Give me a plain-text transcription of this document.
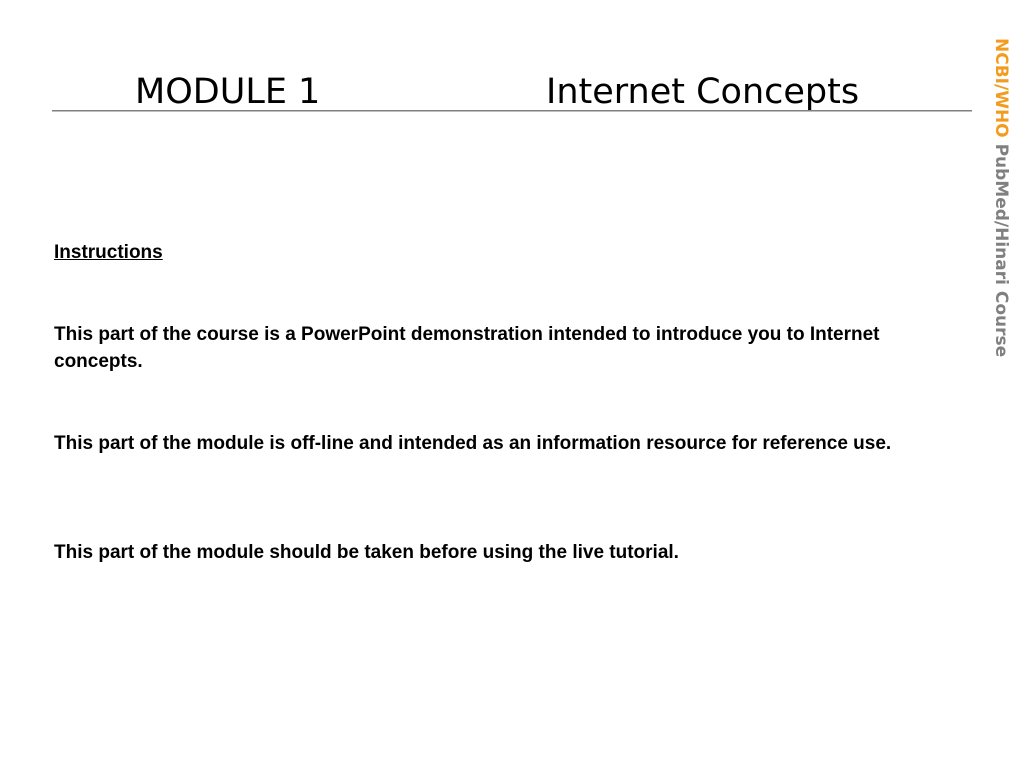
MODULE 1	Internet Concepts	NCBI/WHO PubMed/Hinari Course
Instructions
This part of the course is a PowerPoint demonstration intended to introduce you to Internet concepts.
This part of the module is off-line and intended as an information resource for reference use.
This part of the module should be taken before using the live tutorial.
